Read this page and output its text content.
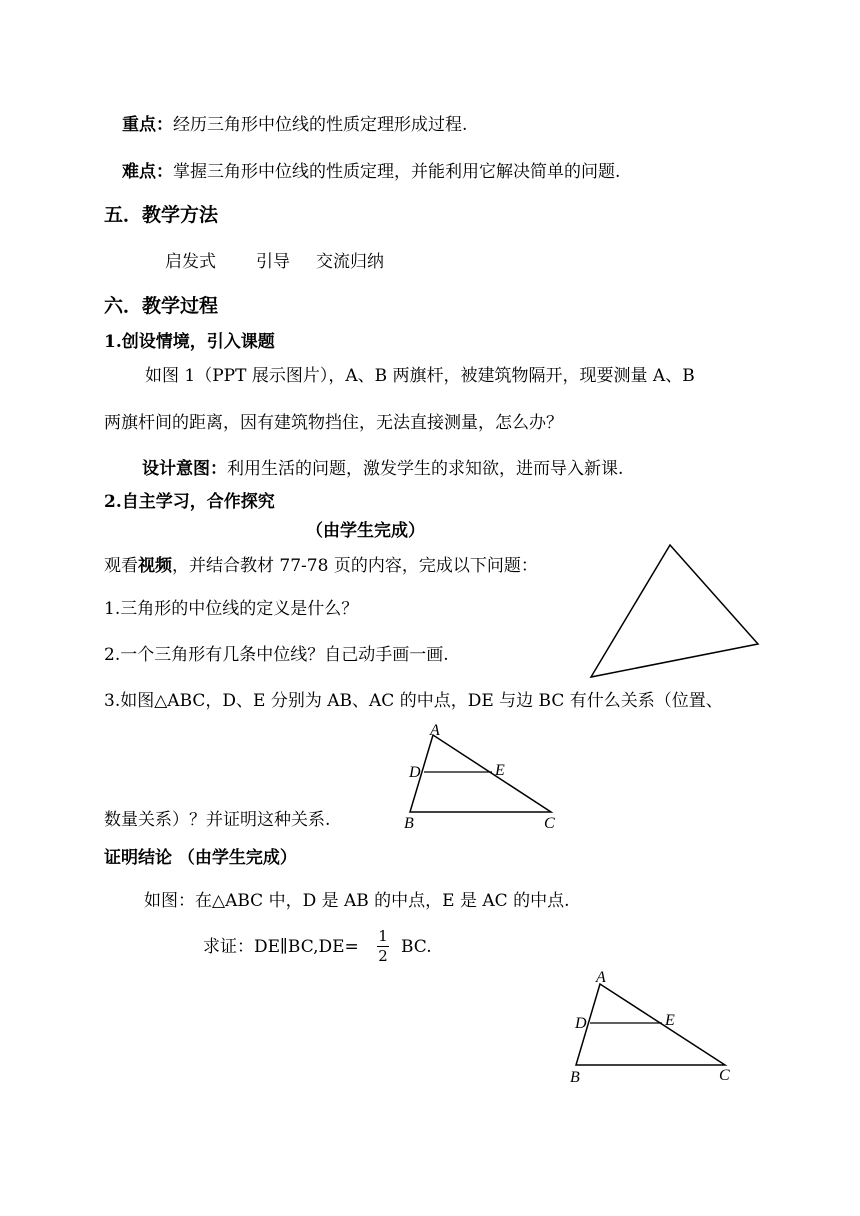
重点：经历三角形中位线的性质定理形成过程.
难点：掌握三角形中位线的性质定理，并能利用它解决简单的问题.
五．教学方法
启发式 引导 交流归纳
六．教学过程
1.创设情境，引入课题
如图 1（PPT 展示图片），A、B 两旗杆，被建筑物隔开，现要测量 A、B
两旗杆间的距离，因有建筑物挡住，无法直接测量，怎么办？
设计意图：利用生活的问题，激发学生的求知欲，进而导入新课.
2.自主学习，合作探究
（由学生完成）
观看视频，并结合教材 77-78 页的内容，完成以下问题：
1.三角形的中位线的定义是什么？
2.一个三角形有几条中位线？自己动手画一画.
3.如图△ABC，D、E 分别为 AB、AC 的中点，DE 与边 BC 有什么关系（位置、
数量关系）？并证明这种关系.
A
D	E
B	C
证明结论 （由学生完成）
如图：在△ABC 中，D 是 AB 的中点，E 是 AC 的中点.
求证：DE∥BC,DE=
1
2 BC.
A
D	E
B	C
